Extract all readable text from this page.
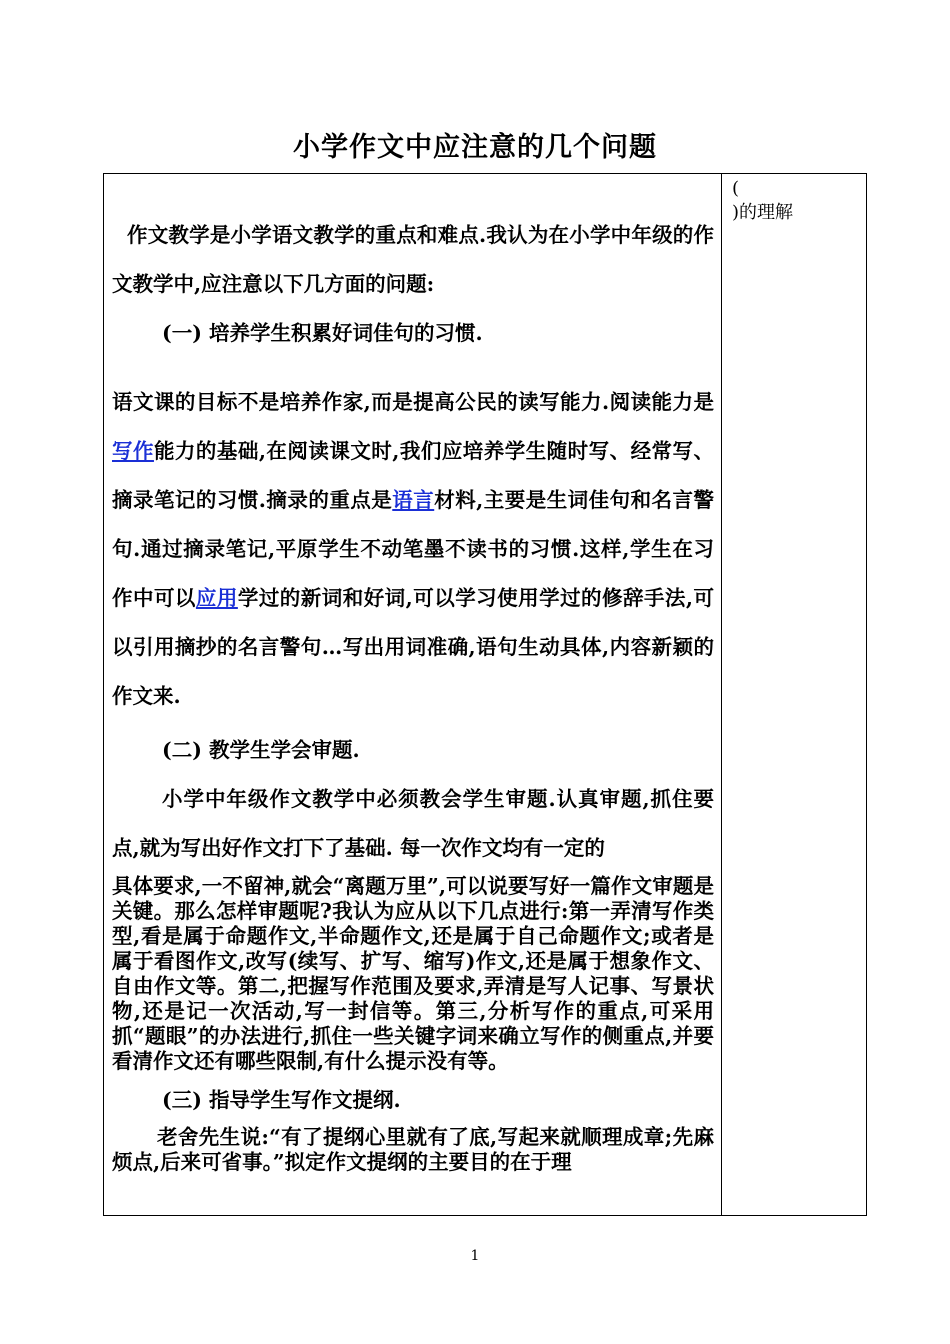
小学作文中应注意的几个问题
(
)的理解

作文教学是小学语文教学的重点和难点.我认为在小学中年级的作文教学中,应注意以下几方面的问题:

(一) 培养学生积累好词佳句的习惯.

语文课的目标不是培养作家,而是提高公民的读写能力.阅读能力是写作能力的基础,在阅读课文时,我们应培养学生随时写、经常写、摘录笔记的习惯.摘录的重点是语言材料,主要是生词佳句和名言警句.通过摘录笔记,平原学生不动笔墨不读书的习惯.这样,学生在习作中可以应用学过的新词和好词,可以学习使用学过的修辞手法,可以引用摘抄的名言警句…写出用词准确,语句生动具体,内容新颖的作文来.

(二) 教学生学会审题.

小学中年级作文教学中必须教会学生审题.认真审题,抓住要点,就为写出好作文打下了基础. 每一次作文均有一定的

具体要求,一不留神,就会“离题万里”,可以说要写好一篇作文审题是关键。那么怎样审题呢?我认为应从以下几点进行:第一弄清写作类型,看是属于命题作文,半命题作文,还是属于自己命题作文;或者是属于看图作文,改写(续写、扩写、缩写)作文,还是属于想象作文、自由作文等。第二,把握写作范围及要求,弄清是写人记事、写景状物,还是记一次活动,写一封信等。第三,分析写作的重点,可采用抓“题眼”的办法进行,抓住一些关键字词来确立写作的侧重点,并要看清作文还有哪些限制,有什么提示没有等。

(三) 指导学生写作文提纲.

老舍先生说:“有了提纲心里就有了底,写起来就顺理成章;先麻烦点,后来可省事。”拟定作文提纲的主要目的在于理

1
